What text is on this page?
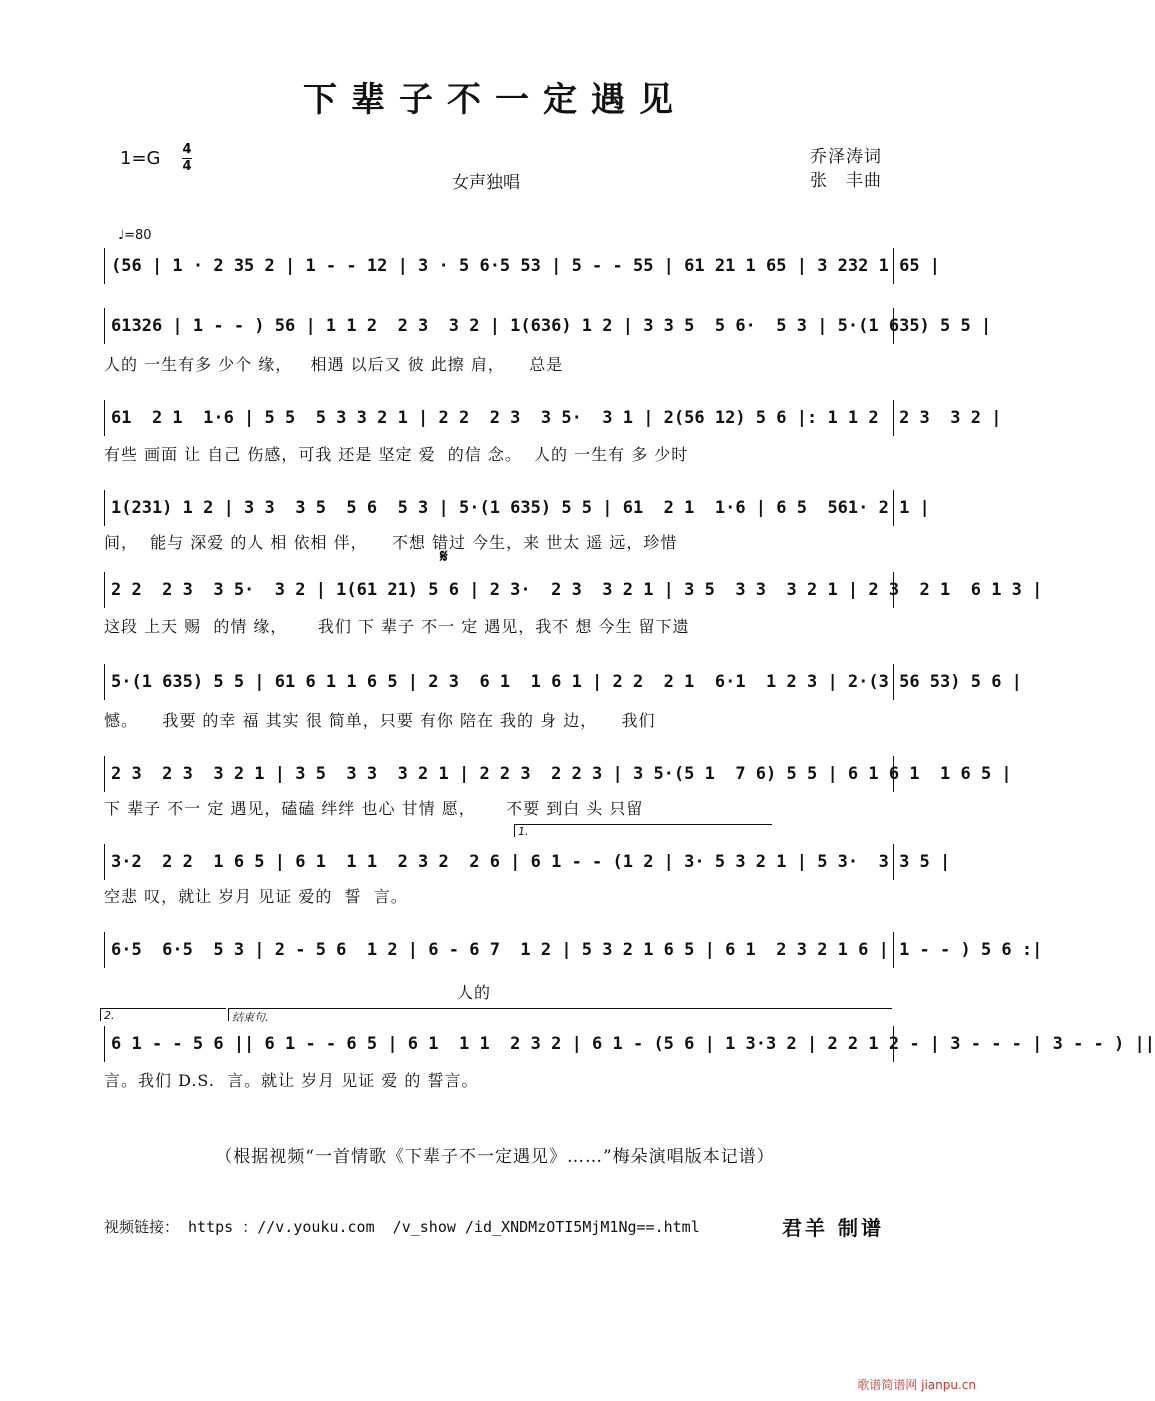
下辈子不一定遇见
1=G 4
4
女声独唱
乔泽涛词
张　丰曲
♩=80
(56 | 1 · 2 35 2 | 1 - - 12 | 3 · 5 6·5 53 | 5 - - 55 | 61 21 1 65 | 3 232 1 65 |
61326 | 1 - - ) 56 | 1 1 2  2 3  3 2 | 1(636) 1 2 | 3 3 5  5 6·  5 3 | 5·(1 635) 5 5 |
人的 一生有多 少个 缘，   相遇 以后又 彼 此擦 肩，    总是
61  2 1  1·6 | 5 5  5 3 3 2 1 | 2 2  2 3  3 5·  3 1 | 2(56 12) 5 6 |: 1 1 2  2 3  3 2 |
有些 画面 让 自己 伤感，可我 还是 坚定 爱  的信 念。  人的 一生有 多 少时
1(231) 1 2 | 3 3  3 5  5 6  5 3 | 5·(1 635) 5 5 | 61  2 1  1·6 | 6 5  561· 2 1 |
间，  能与 深爱 的人 相 依相 伴，    不想 错过 今生，来 世太 遥 远，珍惜
𝄋
2 2  2 3  3 5·  3 2 | 1(61 21) 5 6 | 2 3·  2 3  3 2 1 | 3 5  3 3  3 2 1 | 2 3  2 1  6 1 3 |
这段 上天 赐  的情 缘，     我们 下 辈子 不一 定 遇见，我不 想 今生 留下遗
5·(1 635) 5 5 | 61 6 1 1 6 5 | 2 3  6 1  1 6 1 | 2 2  2 1  6·1  1 2 3 | 2·(3 56 53) 5 6 |
憾。    我要 的幸 福 其实 很 简单，只要 有你 陪在 我的 身 边，    我们
2 3  2 3  3 2 1 | 3 5  3 3  3 2 1 | 2 2 3  2 2 3 | 3 5·(5 1  7 6) 5 5 | 6 1 6 1  1 6 5 |
下 辈子 不一 定 遇见，磕磕 绊绊 也心 甘情 愿，     不要 到白 头 只留
1.
3·2  2 2  1 6 5 | 6 1  1 1  2 3 2  2 6 | 6 1 - - (1 2 | 3· 5 3 2 1 | 5 3·  3 3 5 |
空悲 叹，就让 岁月 见证 爱的  誓  言。
6·5  6·5  5 3 | 2 - 5 6  1 2 | 6 - 6 7  1 2 | 5 3 2 1 6 5 | 6 1  2 3 2 1 6 | 1 - - ) 5 6 :|
人的
2.	结束句.
6 1 - - 5 6 || 6 1 - - 6 5 | 6 1  1 1  2 3 2 | 6 1 - (5 6 | 1 3·3 2 | 2 2 1 2 - | 3 - - - | 3 - - ) ||
言。我们 D.S.  言。就让 岁月 见证 爱 的 誓言。
（根据视频“一首情歌《下辈子不一定遇见》……”梅朵演唱版本记谱）
视频链接： https ：//v.youku.com  /v_show /id_XNDMzOTI5MjM1Ng==.html	君羊 制谱
歌谱简谱网 jianpu.cn
